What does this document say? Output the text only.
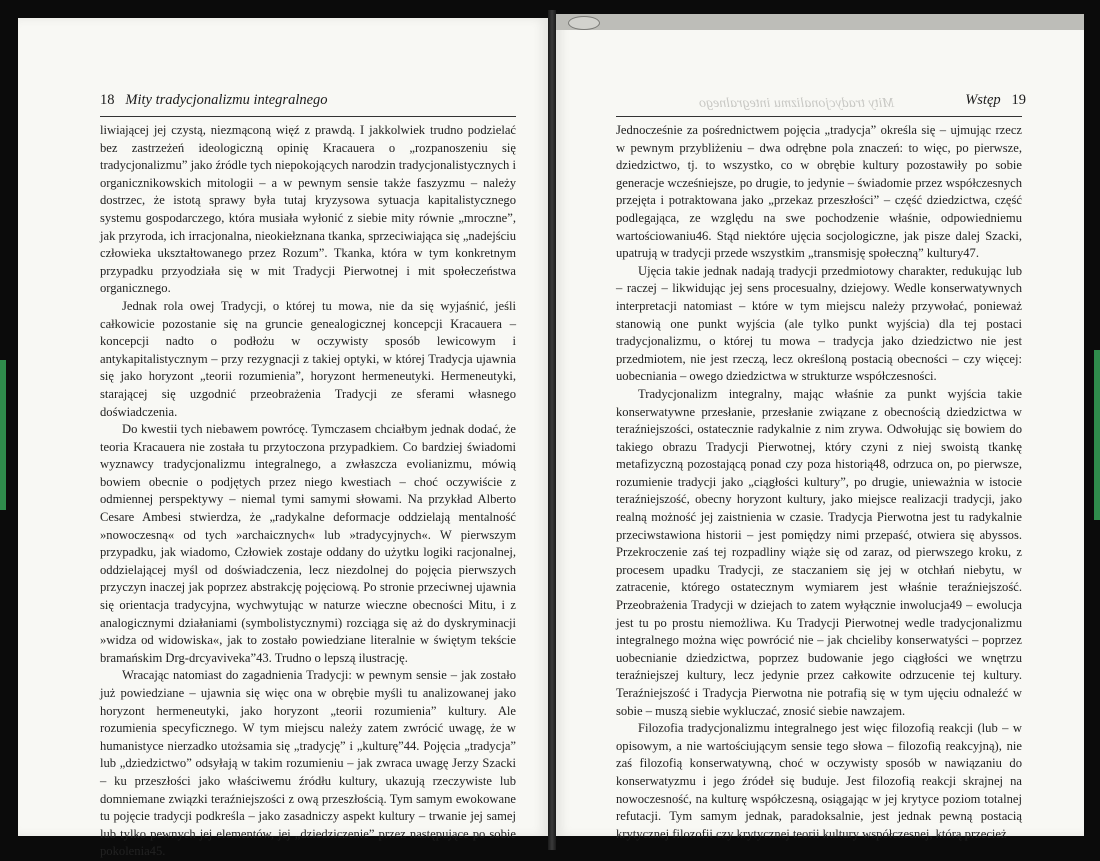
18 Mity tradycjonalizmu integralnego

liwiającej jej czystą, niezmąconą więź z prawdą. I jakkolwiek trudno podzielać bez zastrzeżeń ideologiczną opinię Kracauera o „rozpanoszeniu się tradycjonalizmu” jako źródle tych niepokojących narodzin tradycjonalistycznych i organicznikowskich mitologii – a w pewnym sensie także faszyzmu – należy dostrzec, że istotą sprawy była tutaj kryzysowa sytuacja kapitalistycznego systemu gospodarczego, która musiała wyłonić z siebie mity równie „mroczne”, jak przyroda, ich irracjonalna, nieokiełznana tkanka, sprzeciwiająca się „nadejściu człowieka ukształtowanego przez Rozum”. Tkanka, która w tym konkretnym przypadku przyodziała się w mit Tradycji Pierwotnej i mit społeczeństwa organicznego.

Jednak rola owej Tradycji, o której tu mowa, nie da się wyjaśnić, jeśli całkowicie pozostanie się na gruncie genealogicznej koncepcji Kracauera – koncepcji nadto o podłożu w oczywisty sposób lewicowym i antykapitalistycznym – przy rezygnacji z takiej optyki, w której Tradycja ujawnia się jako horyzont „teorii rozumienia”, horyzont hermeneutyki. Hermeneutyki, starającej się uzgodnić przeobrażenia Tradycji ze sferami własnego doświadczenia.

Do kwestii tych niebawem powrócę. Tymczasem chciałbym jednak dodać, że teoria Kracauera nie została tu przytoczona przypadkiem. Co bardziej świadomi wyznawcy tradycjonalizmu integralnego, a zwłaszcza evolianizmu, mówią bowiem obecnie o podjętych przez niego kwestiach – choć oczywiście z odmiennej perspektywy – niemal tymi samymi słowami. Na przykład Alberto Cesare Ambesi stwierdza, że „radykalne deformacje oddzielają mentalność »nowoczesną« od tych »archaicznych« lub »tradycyjnych«. W pierwszym przypadku, jak wiadomo, Człowiek zostaje oddany do użytku logiki racjonalnej, oddzielającej myśl od doświadczenia, lecz niezdolnej do pojęcia pierwszych przyczyn inaczej jak poprzez abstrakcję pojęciową. Po stronie przeciwnej ujawnia się orientacja tradycyjna, wychwytując w naturze wieczne obecności Mitu, i z analogicznymi działaniami (symbolistycznymi) rozciąga się aż do dyskryminacji »widza od widowiska«, jak to zostało powiedziane literalnie w świętym tekście bramańskim Drg-drcyaviveka”43. Trudno o lepszą ilustrację.

Wracając natomiast do zagadnienia Tradycji: w pewnym sensie – jak zostało już powiedziane – ujawnia się więc ona w obrębie myśli tu analizowanej jako horyzont hermeneutyki, jako horyzont „teorii rozumienia” kultury. Ale rozumienia specyficznego. W tym miejscu należy zatem zwrócić uwagę, że w humanistyce nierzadko utożsamia się „tradycję” i „kulturę”44. Pojęcia „tradycja” lub „dziedzictwo” odsyłają w takim rozumieniu – jak zwraca uwagę Jerzy Szacki – ku przeszłości jako właściwemu źródłu kultury, ukazują rzeczywiste lub domniemane związki teraźniejszości z ową przeszłością. Tym samym ewokowane tu pojęcie tradycji podkreśla – jako zasadniczy aspekt kultury – trwanie jej samej lub tylko pewnych jej elementów, jej „dziedziczenie” przez następujące po sobie pokolenia45.

Mity tradycjonalizmu integralnego	Wstęp 19

Jednocześnie za pośrednictwem pojęcia „tradycja” określa się – ujmując rzecz w pewnym przybliżeniu – dwa odrębne pola znaczeń: to więc, po pierwsze, dziedzictwo, tj. to wszystko, co w obrębie kultury pozostawiły po sobie generacje wcześniejsze, po drugie, to jedynie – świadomie przez współczesnych przejęta i potraktowana jako „przekaz przeszłości” – część dziedzictwa, część podlegająca, ze względu na swe pochodzenie właśnie, odpowiedniemu wartościowaniu46. Stąd niektóre ujęcia socjologiczne, jak pisze dalej Szacki, upatrują w tradycji przede wszystkim „transmisję społeczną” kultury47.

Ujęcia takie jednak nadają tradycji przedmiotowy charakter, redukując lub – raczej – likwidując jej sens procesualny, dziejowy. Wedle konserwatywnych interpretacji natomiast – które w tym miejscu należy przywołać, ponieważ stanowią one punkt wyjścia (ale tylko punkt wyjścia) dla tej postaci tradycjonalizmu, o której tu mowa – tradycja jako dziedzictwo nie jest przedmiotem, nie jest rzeczą, lecz określoną postacią obecności – czy więcej: uobecniania – owego dziedzictwa w strukturze współczesności.

Tradycjonalizm integralny, mając właśnie za punkt wyjścia takie konserwatywne przesłanie, przesłanie związane z obecnością dziedzictwa w teraźniejszości, ostatecznie radykalnie z nim zrywa. Odwołując się bowiem do takiego obrazu Tradycji Pierwotnej, który czyni z niej swoistą tkankę metafizyczną pozostającą ponad czy poza historią48, odrzuca on, po pierwsze, rozumienie tradycji jako „ciągłości kultury”, po drugie, unieważnia w istocie teraźniejszość, obecny horyzont kultury, jako miejsce realizacji tradycji, jako realną możność jej zaistnienia w czasie. Tradycja Pierwotna jest tu radykalnie przeciwstawiona historii – jest pomiędzy nimi przepaść, otwiera się abyssos. Przekroczenie zaś tej rozpadliny wiąże się od zaraz, od pierwszego kroku, z procesem upadku Tradycji, ze staczaniem się jej w otchłań niebytu, w zatracenie, którego ostatecznym wymiarem jest właśnie teraźniejszość. Przeobrażenia Tradycji w dziejach to zatem wyłącznie inwolucja49 – ewolucja jest tu po prostu niemożliwa. Ku Tradycji Pierwotnej wedle tradycjonalizmu integralnego można więc powrócić nie – jak chcieliby konserwatyści – poprzez uobecnianie dziedzictwa, poprzez budowanie jego ciągłości we wnętrzu teraźniejszej kultury, lecz jedynie przez całkowite odrzucenie tej kultury. Teraźniejszość i Tradycja Pierwotna nie potrafią się w tym ujęciu odnaleźć w sobie – muszą siebie wykluczać, znosić siebie nawzajem.

Filozofia tradycjonalizmu integralnego jest więc filozofią reakcji (lub – w opisowym, a nie wartościującym sensie tego słowa – filozofią reakcyjną), nie zaś filozofią konserwatywną, choć w oczywisty sposób w nawiązaniu do konserwatyzmu i jego źródeł się buduje. Jest filozofią reakcji skrajnej na nowoczesność, na kulturę współczesną, osiągając w jej krytyce poziom totalnej refutacji. Tym samym jednak, paradoksalnie, jest jednak pewną postacią krytycznej filozofii czy krytycznej teorii kultury współczesnej, którą przecież
